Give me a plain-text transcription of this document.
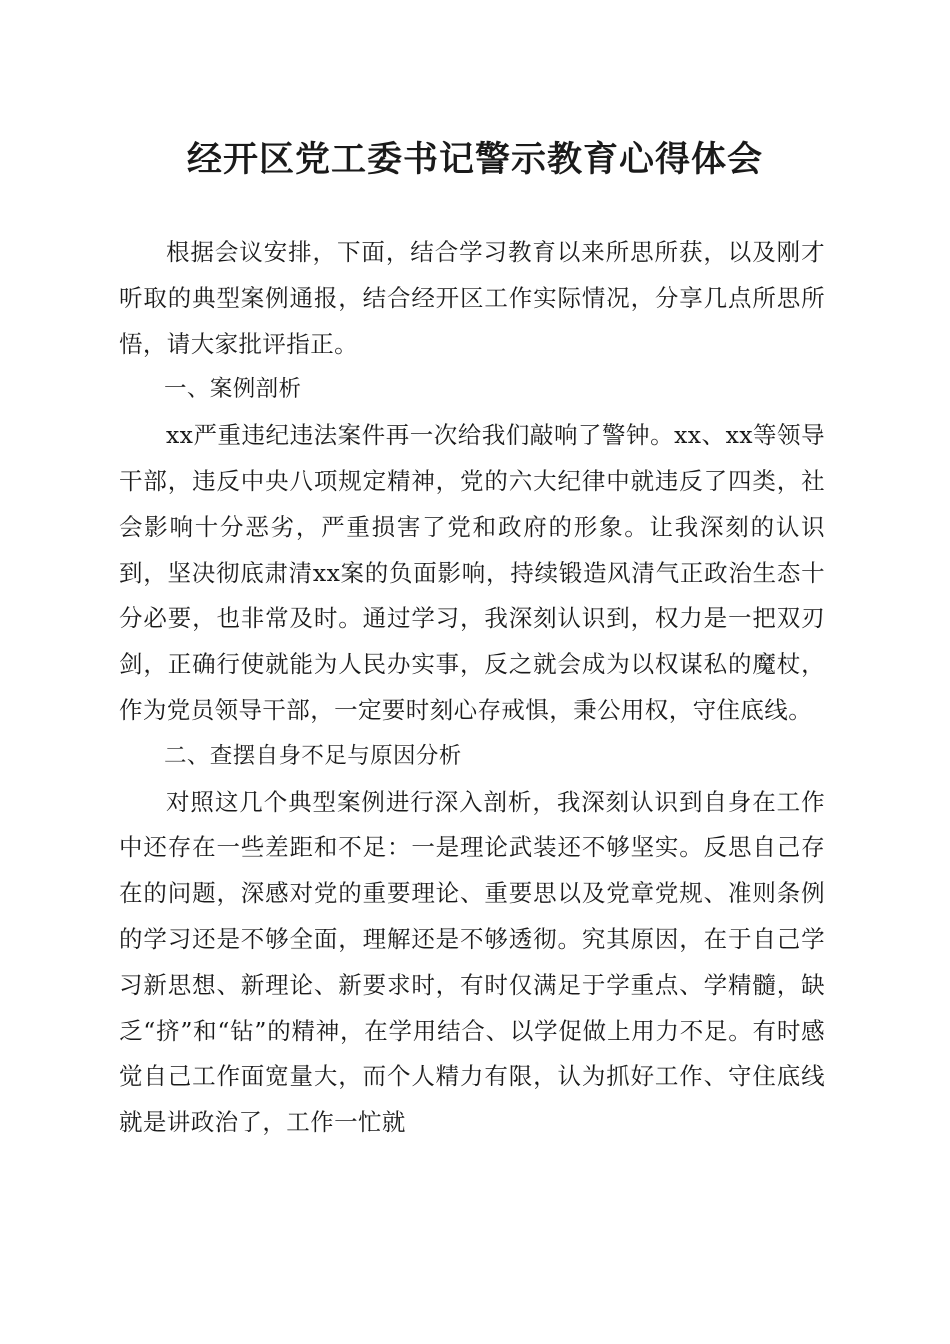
经开区党工委书记警示教育心得体会

根据会议安排，下面，结合学习教育以来所思所获，以及刚才听取的典型案例通报，结合经开区工作实际情况，分享几点所思所悟，请大家批评指正。

一、案例剖析

xx严重违纪违法案件再一次给我们敲响了警钟。xx、xx等领导干部，违反中央八项规定精神，党的六大纪律中就违反了四类，社会影响十分恶劣，严重损害了党和政府的形象。让我深刻的认识到，坚决彻底肃清xx案的负面影响，持续锻造风清气正政治生态十分必要，也非常及时。通过学习，我深刻认识到，权力是一把双刃剑，正确行使就能为人民办实事，反之就会成为以权谋私的魔杖，作为党员领导干部，一定要时刻心存戒惧，秉公用权，守住底线。

二、查摆自身不足与原因分析

对照这几个典型案例进行深入剖析，我深刻认识到自身在工作中还存在一些差距和不足：一是理论武装还不够坚实。反思自己存在的问题，深感对党的重要理论、重要思以及党章党规、准则条例的学习还是不够全面，理解还是不够透彻。究其原因，在于自己学习新思想、新理论、新要求时，有时仅满足于学重点、学精髓，缺乏“挤”和“钻”的精神，在学用结合、以学促做上用力不足。有时感觉自己工作面宽量大，而个人精力有限，认为抓好工作、守住底线就是讲政治了，工作一忙就
